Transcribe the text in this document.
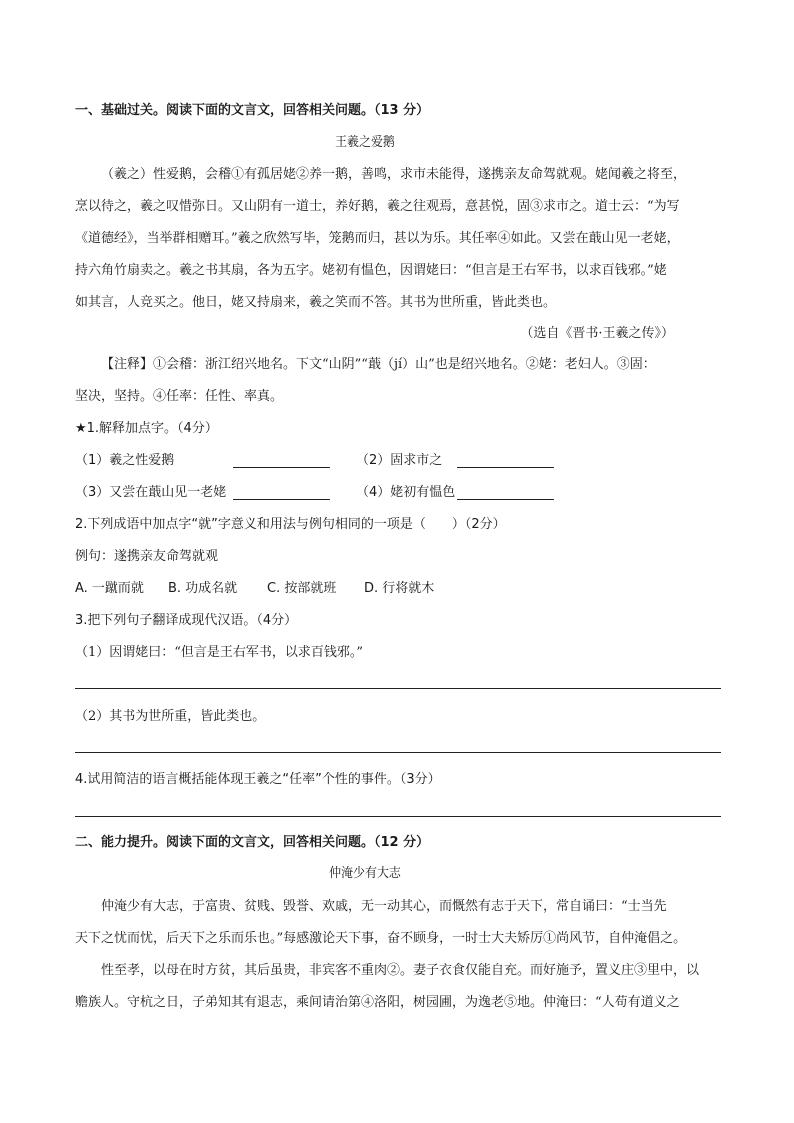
一、基础过关。阅读下面的文言文，回答相关问题。（13 分）
王羲之爱鹅
（羲之）性爱鹅，会稽①有孤居姥②养一鹅，善鸣，求市未能得，遂携亲友命驾就观。姥闻羲之将至，
烹以待之，羲之叹惜弥日。又山阴有一道士，养好鹅，羲之往观焉，意甚悦，固③求市之。道士云：“为写
《道德经》，当举群相赠耳。”羲之欣然写毕，笼鹅而归，甚以为乐。其任率④如此。又尝在蕺山见一老姥，
持六角竹扇卖之。羲之书其扇，各为五字。姥初有愠色，因谓姥曰：“但言是王右军书，以求百钱邪。”姥
如其言，人竞买之。他日，姥又持扇来，羲之笑而不答。其书为世所重，皆此类也。
（选自《晋书·王羲之传》）
【注释】①会稽：浙江绍兴地名。下文“山阴”“蕺（jí）山”也是绍兴地名。②姥：老妇人。③固：
坚决，坚持。④任率：任性、率真。
★1.解释加点字。（4分）
（1）羲之性爱鹅	（2）固求市之
（3）又尝在蕺山见一老姥	（4）姥初有愠色
2.下列成语中加点字“就”字意义和用法与例句相同的一项是（　　）（2分）
例句：遂携亲友命驾就观
A. 一蹴而就 B. 功成名就 C. 按部就班 D. 行将就木
3.把下列句子翻译成现代汉语。（4分）
（1）因谓姥曰：“但言是王右军书，以求百钱邪。”
（2）其书为世所重，皆此类也。
4.试用简洁的语言概括能体现王羲之“任率”个性的事件。（3分）
二、能力提升。阅读下面的文言文，回答相关问题。（12 分）
仲淹少有大志
仲淹少有大志，于富贵、贫贱、毁誉、欢戚，无一动其心，而慨然有志于天下，常自诵曰：“士当先
天下之忧而忧，后天下之乐而乐也。”每感激论天下事，奋不顾身，一时士大夫矫厉①尚风节，自仲淹倡之。
性至孝，以母在时方贫，其后虽贵，非宾客不重肉②。妻子衣食仅能自充。而好施予，置义庄③里中，以
赡族人。守杭之日，子弟知其有退志，乘间请治第④洛阳，树园圃，为逸老⑤地。仲淹曰：“人苟有道义之
